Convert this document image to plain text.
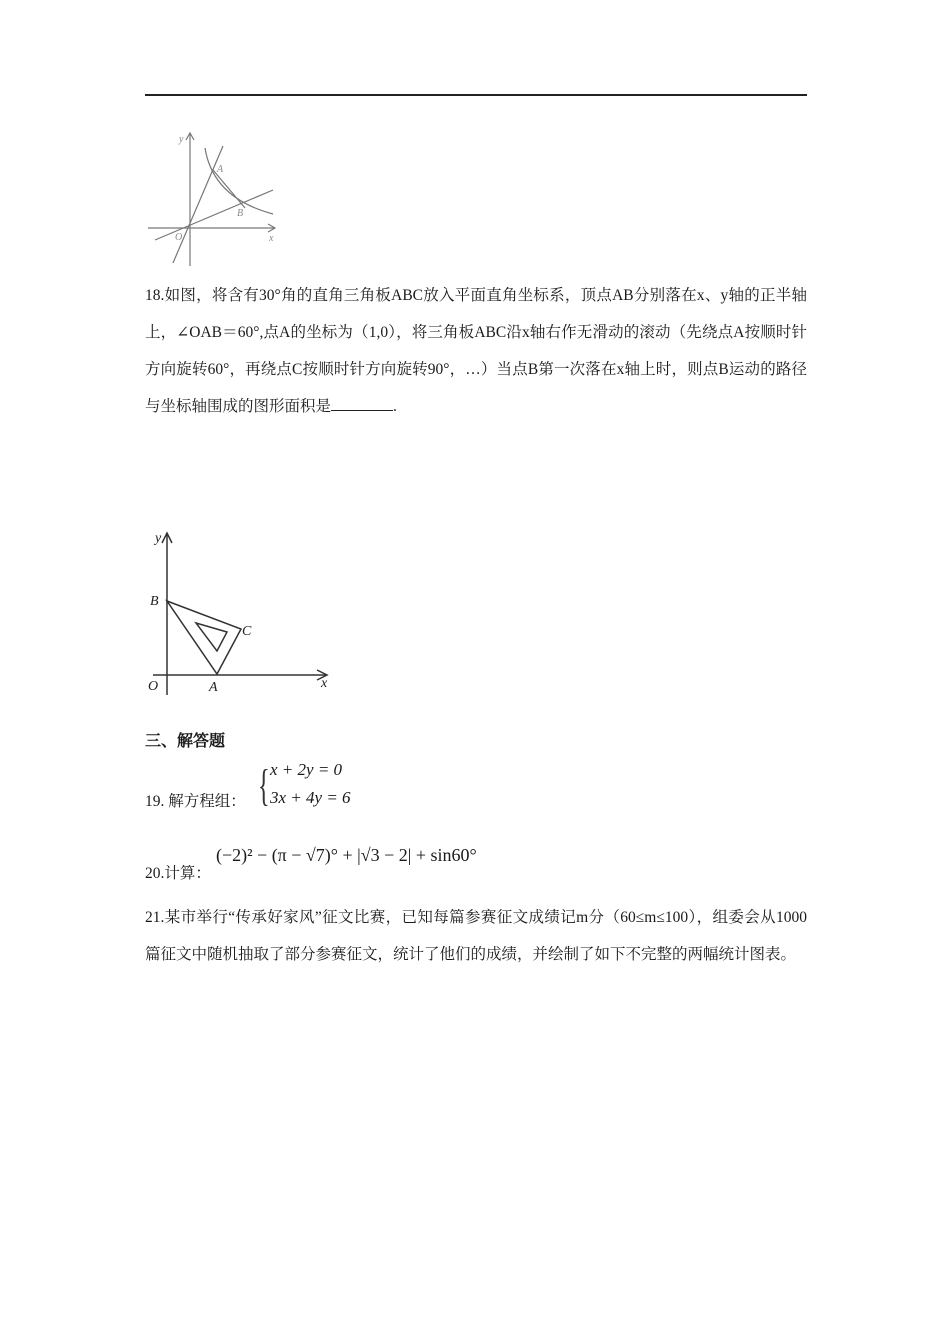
y
x
A
B
O
18.如图，将含有30°角的直角三角板ABC放入平面直角坐标系，顶点AB分别落在x、y轴的正半轴上，∠OAB＝60°,点A的坐标为（1,0），将三角板ABC沿x轴右作无滑动的滚动（先绕点A按顺时针方向旋转60°，再绕点C按顺时针方向旋转90°，…）当点B第一次落在x轴上时，则点B运动的路径与坐标轴围成的图形面积是	.
y
x
B
C
O	A
三、解答题
19. 解方程组： { x + 2y = 0
3x + 4y = 6
20.计算：
(−2)² − (π − √7)° + |√3 − 2| + sin60°
21.某市举行“传承好家风”征文比赛，已知每篇参赛征文成绩记m分（60≤m≤100），组委会从1000篇征文中随机抽取了部分参赛征文，统计了他们的成绩，并绘制了如下不完整的两幅统计图表。
